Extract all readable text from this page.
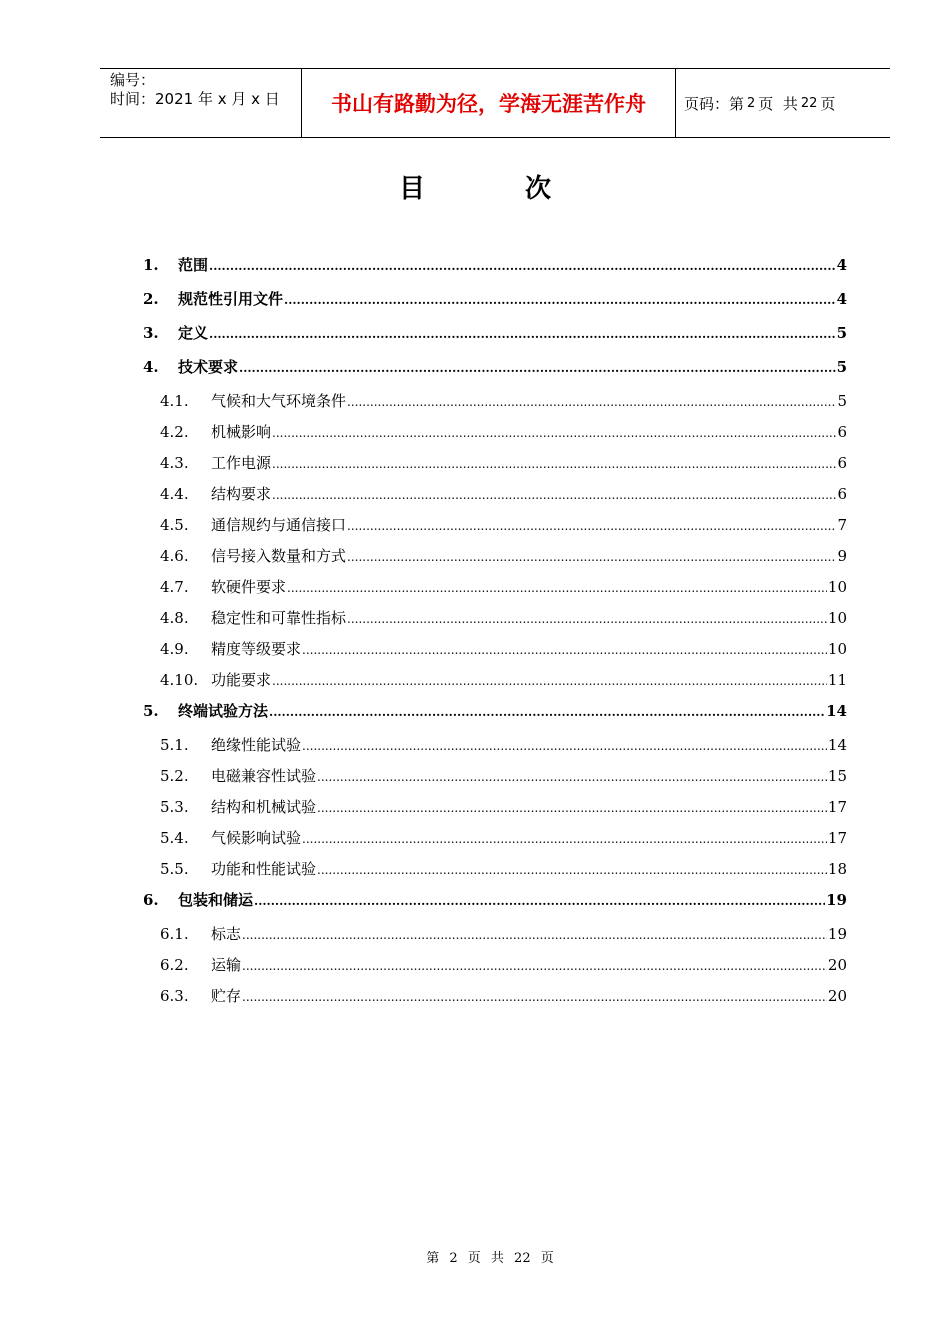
编号：
时间：2021 年 x 月 x 日	书山有路勤为径，学海无涯苦作舟	页码：第 2 页  共 22 页
目次
1.	范围 .....	4
2.	规范性引用文件 .....	4
3.	定义 .....	5
4.	技术要求 .....	5
4.1.	气候和大气环境条件 .....	5
4.2.	机械影响 .....	6
4.3.	工作电源 .....	6
4.4.	结构要求 .....	6
4.5.	通信规约与通信接口 .....	7
4.6.	信号接入数量和方式 .....	9
4.7.	软硬件要求 .....	10
4.8.	稳定性和可靠性指标 .....	10
4.9.	精度等级要求 .....	10
4.10. 功能要求 .....	11
5.	终端试验方法 .....	14
5.1.	绝缘性能试验 .....	14
5.2.	电磁兼容性试验 .....	15
5.3.	结构和机械试验 .....	17
5.4.	气候影响试验 .....	17
5.5.	功能和性能试验 .....	18
6.	包装和储运 .....	19
6.1.	标志 .....	19
6.2.	运输 .....	20
6.3.	贮存 .....	20
第 2 页 共 22 页
